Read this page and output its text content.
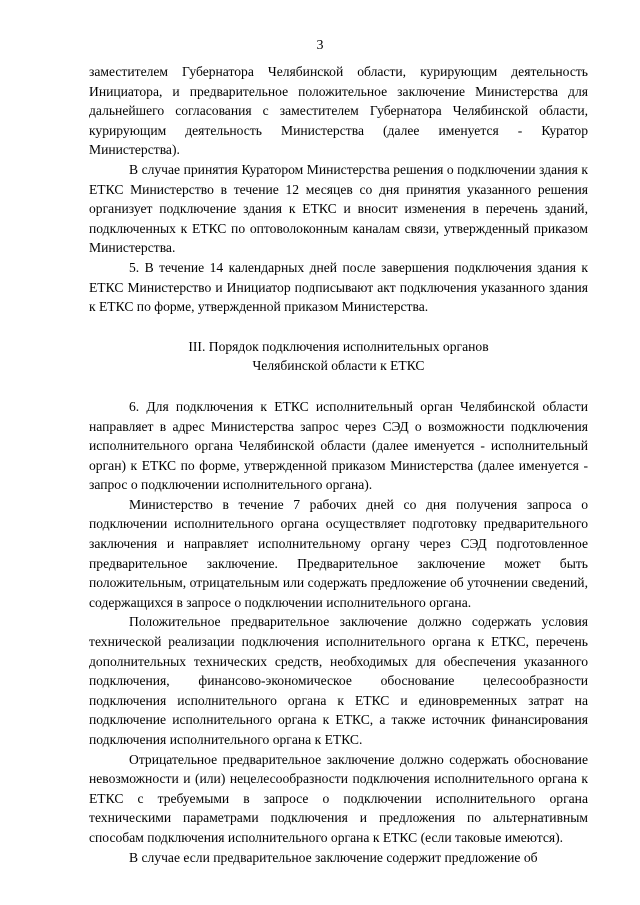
3

заместителем Губернатора Челябинской области, курирующим деятельность Инициатора, и предварительное положительное заключение Министерства для дальнейшего согласования с заместителем Губернатора Челябинской области, курирующим деятельность Министерства (далее именуется - Куратор Министерства).

В случае принятия Куратором Министерства решения о подключении здания к ЕТКС Министерство в течение 12 месяцев со дня принятия указанного решения организует подключение здания к ЕТКС и вносит изменения в перечень зданий, подключенных к ЕТКС по оптоволоконным каналам связи, утвержденный приказом Министерства.

5. В течение 14 календарных дней после завершения подключения здания к ЕТКС Министерство и Инициатор подписывают акт подключения указанного здания к ЕТКС по форме, утвержденной приказом Министерства.

III. Порядок подключения исполнительных органов
Челябинской области к ЕТКС

6. Для подключения к ЕТКС исполнительный орган Челябинской области направляет в адрес Министерства запрос через СЭД о возможности подключения исполнительного органа Челябинской области (далее именуется - исполнительный орган) к ЕТКС по форме, утвержденной приказом Министерства (далее именуется - запрос о подключении исполнительного органа).

Министерство в течение 7 рабочих дней со дня получения запроса о подключении исполнительного органа осуществляет подготовку предварительного заключения и направляет исполнительному органу через СЭД подготовленное предварительное заключение. Предварительное заключение может быть положительным, отрицательным или содержать предложение об уточнении сведений, содержащихся в запросе о подключении исполнительного органа.

Положительное предварительное заключение должно содержать условия технической реализации подключения исполнительного органа к ЕТКС, перечень дополнительных технических средств, необходимых для обеспечения указанного подключения, финансово-экономическое обоснование целесообразности подключения исполнительного органа к ЕТКС и единовременных затрат на подключение исполнительного органа к ЕТКС, а также источник финансирования подключения исполнительного органа к ЕТКС.

Отрицательное предварительное заключение должно содержать обоснование невозможности и (или) нецелесообразности подключения исполнительного органа к ЕТКС с требуемыми в запросе о подключении исполнительного органа техническими параметрами подключения и предложения по альтернативным способам подключения исполнительного органа к ЕТКС (если таковые имеются).

В случае если предварительное заключение содержит предложение об
